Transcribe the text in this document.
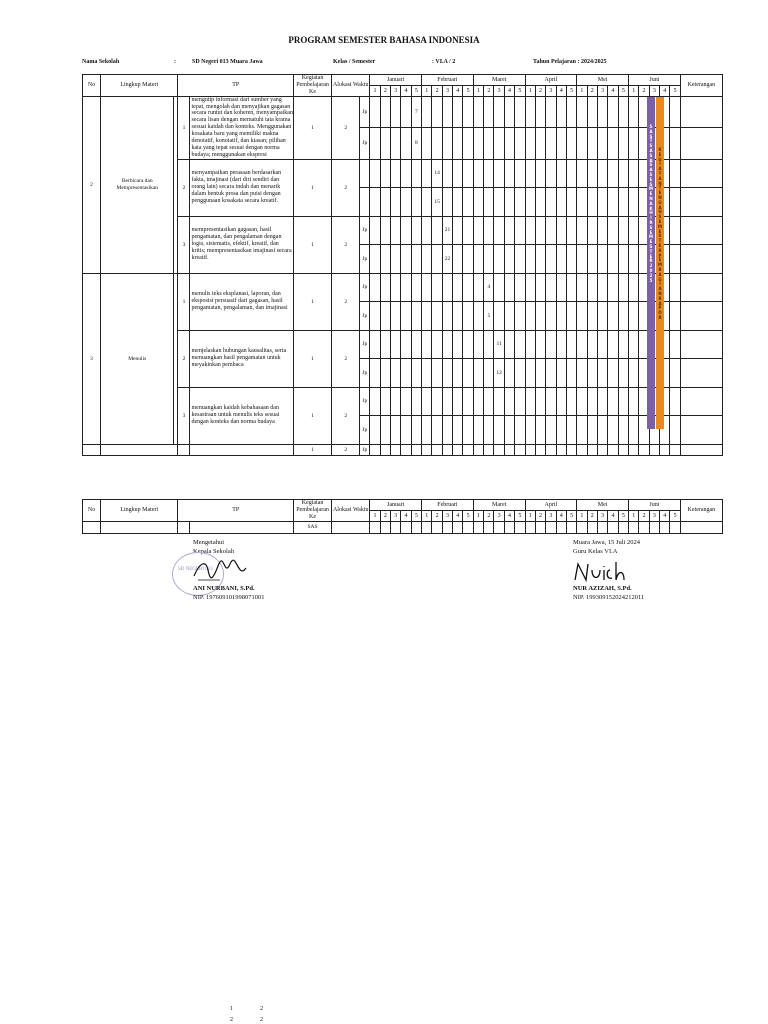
PROGRAM SEMESTER BAHASA INDONESIA
Nama Sekolah	:	SD Negeri 013 Muara Jawa	Kelas / Semester	: VI.A / 2	Tahun Pelajaran : 2024/2025
No	Lingkup Materi		TP		Kegiatan Pembelajaran Ke	Alokasi Waktu		Januari					Februari					Maret					April					Mei					Juni					Keterangan
								1	2	3	4	5	1	2	3	4	5	1	2	3	4	5	1	2	3	4	5	1	2	3	4	5	1	2	3	4	5	
2	Berbicara dan Mempresentasikan		1	mengutip informasi dari sumber yang tepat, mengolah dan menyajikan gagasan secara runtut dan koheren, menyampaikan secara lisan dengan mematuhi tata krama sesuai kaidah dan konteks. Menggunakan kosakata baru yang memiliki makna denotatif, konotatif, dan kiasan; pilihan kata yang tepat sesuai dengan norma budaya; menggunakan ekspresi	1	2	Jp					7																										
							Jp					8																										
			2	menyampaikan perasaan berdasarkan fakta, imajinasi (dari diri sendiri dan orang lain) secara indah dan menarik dalam bentuk prosa dan puisi dengan penggunaan kosakata secara kreatif.	1	2								14																								
														15																								
			3	mempresentasikan gagasan, hasil pengamatan, dan pengalaman dengan logis, sistematis, efektif, kreatif, dan kritis; mempresentasikan imajinasi secara kreatif.	1	2	Jp								21																							
							Jp								22																							
3	Menulis		1	menulis teks eksplanasi, laporan, dan eksposisi persuasif dari gagasan, hasil pengamatan, pengalaman, dan imajinasi	1	2	Jp												4																			
							Jp												5																			
			2	menjelaskan hubungan kausalitas, serta menuangkan hasil pengamatan untuk meyakinkan pembaca	1	2	Jp													11																		
							Jp													12																		
			3	menuangkan kaidah kebahasaan dan kesastraan untuk menulis teks sesuai dengan konteks dan norma budaya	1	2	Jp																															
							Jp																															
					1	2	Jp																															
No	Lingkup Materi	TP		Kegiatan Pembelajaran Ke	Alokasi Waktu	Januari					Februari					Maret					April					Mei					Juni					Keterangan
						1	2	3	4	5	1	2	3	4	5	1	2	3	4	5	1	2	3	4	5	1	2	3	4	5	1	2	3	4	5	
				SAS																																
S
A
S
T
S
A
S
A
S
A
S
E
S
M
E
N
A
K
H
I
R
S
E
M
E
S
T
E
R
2
0
2
5
K
E
G
I
A
T
A
N
T
E
N
G
A
H
S
E
M
E
S
T
E
R
P
E
M
B
A
G
I
A
N
R
A
P
O
R
Mengetahui
Kepala Sekolah
SD NEGERI 013
ANI NURBANI, S.Pd.
NIP. 197609101998071001
Muara Jawa, 15 Juli 2024
Guru Kelas VI.A
NUR AZIZAH, S.Pd.
NIP. 199309152024212011
1	2
2	2
